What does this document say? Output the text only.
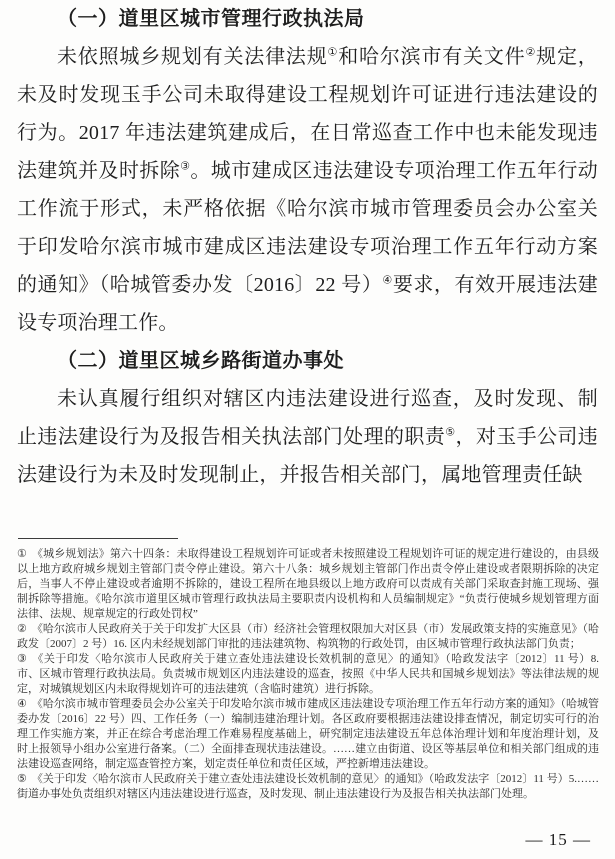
（一）道里区城市管理行政执法局

未依照城乡规划有关法律法规①和哈尔滨市有关文件②规定，未及时发现玉手公司未取得建设工程规划许可证进行违法建设的行为。2017 年违法建筑建成后，在日常巡查工作中也未能发现违法建筑并及时拆除③。城市建成区违法建设专项治理工作五年行动工作流于形式，未严格依据《哈尔滨市城市管理委员会办公室关于印发哈尔滨市城市建成区违法建设专项治理工作五年行动方案的通知》（哈城管委办发〔2016〕22 号）④要求，有效开展违法建设专项治理工作。

（二）道里区城乡路街道办事处

未认真履行组织对辖区内违法建设进行巡查，及时发现、制止违法建设行为及报告相关执法部门处理的职责⑤，对玉手公司违法建设行为未及时发现制止，并报告相关部门，属地管理责任缺

① 《城乡规划法》第六十四条：未取得建设工程规划许可证或者未按照建设工程规划许可证的规定进行建设的，由县级以上地方政府城乡规划主管部门责令停止建设。第六十八条：城乡规划主管部门作出责令停止建设或者限期拆除的决定后，当事人不停止建设或者逾期不拆除的，建设工程所在地县级以上地方政府可以责成有关部门采取查封施工现场、强制拆除等措施。《哈尔滨市道里区城市管理行政执法局主要职责内设机构和人员编制规定》“负责行使城乡规划管理方面法律、法规、规章规定的行政处罚权”
② 《哈尔滨市人民政府关于关于印发扩大区县（市）经济社会管理权限加大对区县（市）发展政策支持的实施意见》（哈政发〔2007〕2 号）16. 区内未经规划部门审批的违法建筑物、构筑物的行政处罚，由区城市管理行政执法部门负责；
③ 《关于印发〈哈尔滨市人民政府关于建立查处违法建设长效机制的意见〉的通知》（哈政发法字〔2012〕11 号）8. 市、区城市管理行政执法局。负责城市规划区内违法建设的巡查，按照《中华人民共和国城乡规划法》等法律法规的规定，对城镇规划区内未取得规划许可的违法建筑（含临时建筑）进行拆除。
④ 《哈尔滨市城市管理委员会办公室关于印发哈尔滨市城市建成区违法建设专项治理工作五年行动方案的通知》（哈城管委办发〔2016〕22 号）四、工作任务（一）编制违建治理计划。各区政府要根据违法建设排查情况，制定切实可行的治理工作实施方案，并正在综合考虑治理工作难易程度基础上，研究制定违法建设五年总体治理计划和年度治理计划，及时上报领导小组办公室进行备案。（二）全面排查现状违法建设。……建立由街道、设区等基层单位和相关部门组成的违法建设巡查网络，制定巡查管控方案，划定责任单位和责任区域，严控新增违法建设。
⑤ 《关于印发〈哈尔滨市人民政府关于建立查处违法建设长效机制的意见〉的通知》（哈政发法字〔2012〕11 号）5.……街道办事处负责组织对辖区内违法建设进行巡查，及时发现、制止违法建设行为及报告相关执法部门处理。
— 15 —
